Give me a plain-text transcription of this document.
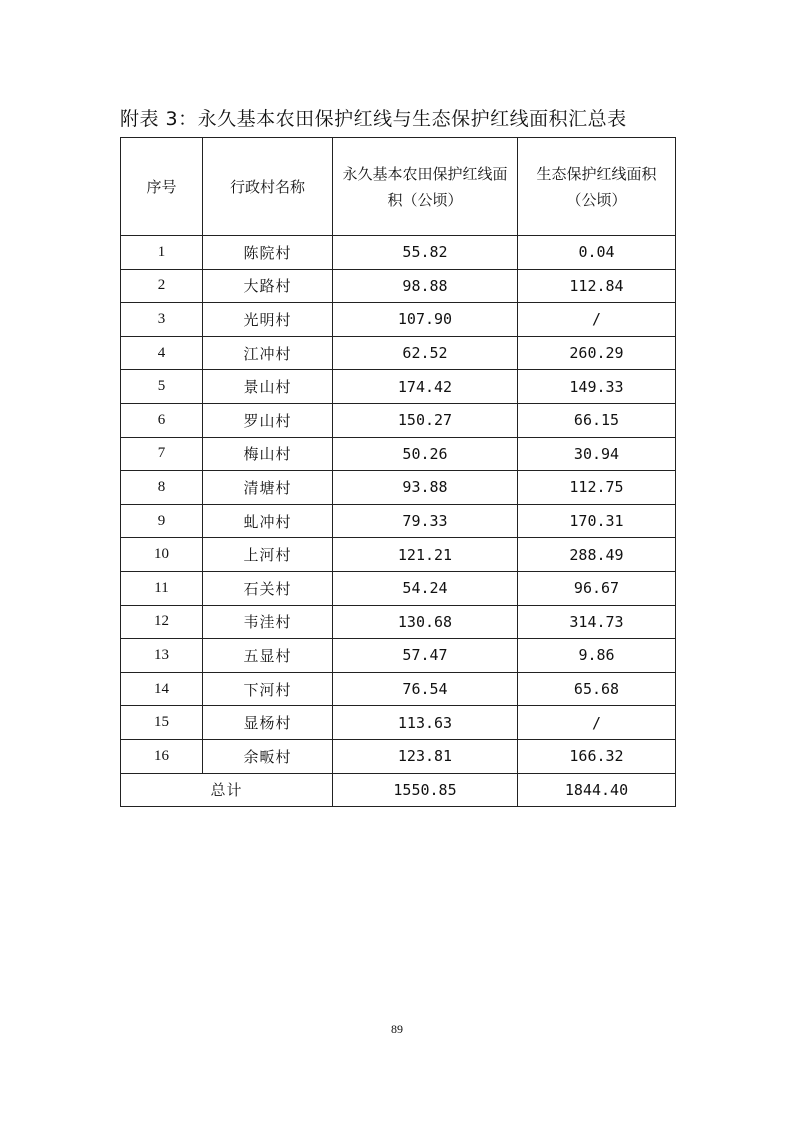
附表 3：永久基本农田保护红线与生态保护红线面积汇总表
序号	行政村名称	永久基本农田保护红线面积（公顷）	生态保护红线面积（公顷）
1	陈院村	55.82	0.04
2	大路村	98.88	112.84
3	光明村	107.90	/
4	江冲村	62.52	260.29
5	景山村	174.42	149.33
6	罗山村	150.27	66.15
7	梅山村	50.26	30.94
8	清塘村	93.88	112.75
9	虬冲村	79.33	170.31
10	上河村	121.21	288.49
11	石关村	54.24	96.67
12	韦洼村	130.68	314.73
13	五显村	57.47	9.86
14	下河村	76.54	65.68
15	显杨村	113.63	/
16	余畈村	123.81	166.32
总计		1550.85	1844.40
89
